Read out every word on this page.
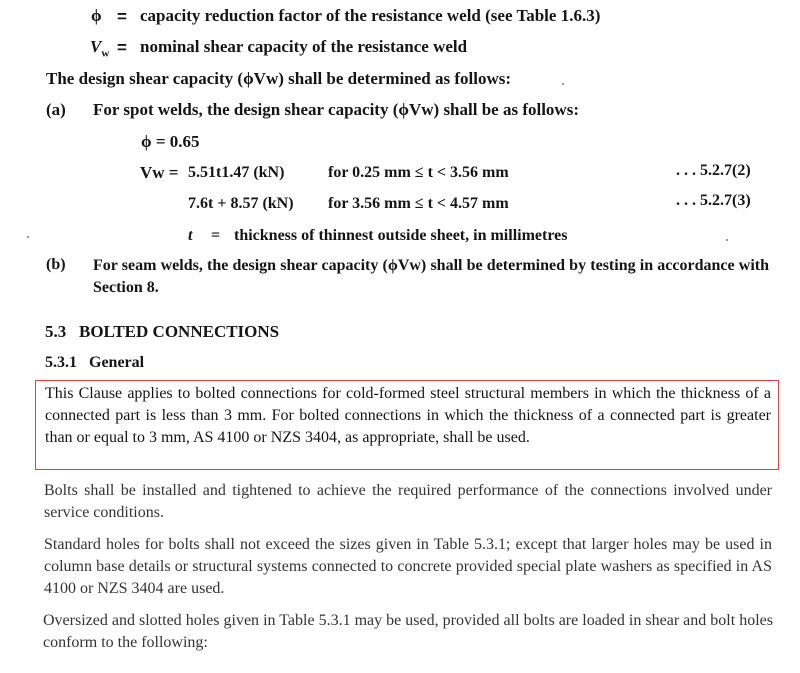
ϕ = capacity reduction factor of the resistance weld (see Table 1.6.3)
$V_w$ = nominal shear capacity of the resistance weld
The design shear capacity (ϕVw) shall be determined as follows:
(a) For spot welds, the design shear capacity (ϕVw) shall be as follows:
ϕ = 0.65
Vw = 5.51t1.47 (kN)	for 0.25 mm ≤ t < 3.56 mm	. . . 5.2.7(2)
7.6t + 8.57 (kN) for 3.56 mm ≤ t < 4.57 mm	. . . 5.2.7(3)
t = thickness of thinnest outside sheet, in millimetres
(b) For seam welds, the design shear capacity (ϕVw) shall be determined by testing in accordance with Section 8.
5.3 BOLTED CONNECTIONS
5.3.1 General
This Clause applies to bolted connections for cold-formed steel structural members in which the thickness of a connected part is less than 3 mm. For bolted connections in which the thickness of a connected part is greater than or equal to 3 mm, AS 4100 or NZS 3404, as appropriate, shall be used.
Bolts shall be installed and tightened to achieve the required performance of the connections involved under service conditions.
Standard holes for bolts shall not exceed the sizes given in Table 5.3.1; except that larger holes may be used in column base details or structural systems connected to concrete provided special plate washers as specified in AS 4100 or NZS 3404 are used.
Oversized and slotted holes given in Table 5.3.1 may be used, provided all bolts are loaded in shear and bolt holes conform to the following:
